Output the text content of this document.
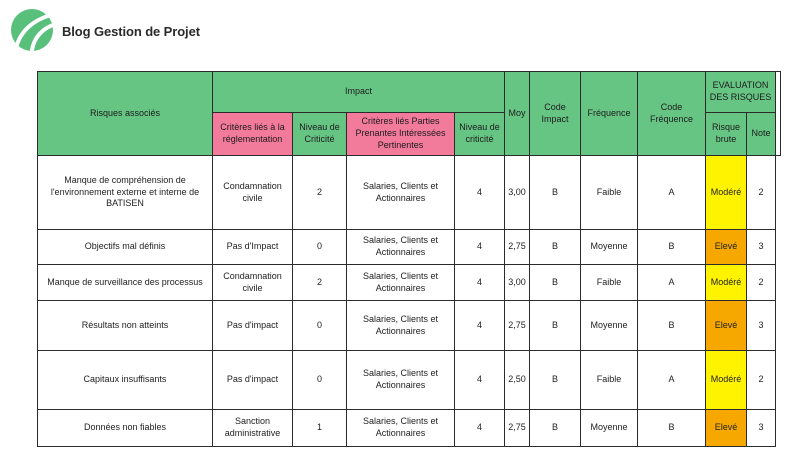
Blog Gestion de Projet
Risques associés	Impact				Moy	Code Impact	Fréquence	Code Fréquence	EVALUATION DES RISQUES		
	Critères liés à la réglementation	Niveau de Criticité	Critères liés Parties Prenantes Intéressées Pertinentes	Niveau de criticité					Risque brute	Note	
Manque de compréhension de l'environnement externe et interne de BATISEN	Condamnation civile	2	Salaries, Clients et Actionnaires	4	3,00	B	Faible	A	Modéré	2	
Objectifs mal définis	Pas d'Impact	0	Salaries, Clients et Actionnaires	4	2,75	B	Moyenne	B	Elevé	3	
Manque de surveillance des processus	Condamnation civile	2	Salaries, Clients et Actionnaires	4	3,00	B	Faible	A	Modéré	2	
Résultats non atteints	Pas d'impact	0	Salaries, Clients et Actionnaires	4	2,75	B	Moyenne	B	Elevé	3	
Capitaux insuffisants	Pas d'impact	0	Salaries, Clients et Actionnaires	4	2,50	B	Faible	A	Modéré	2	
Données non fiables	Sanction administrative	1	Salaries, Clients et Actionnaires	4	2,75	B	Moyenne	B	Elevé	3	
